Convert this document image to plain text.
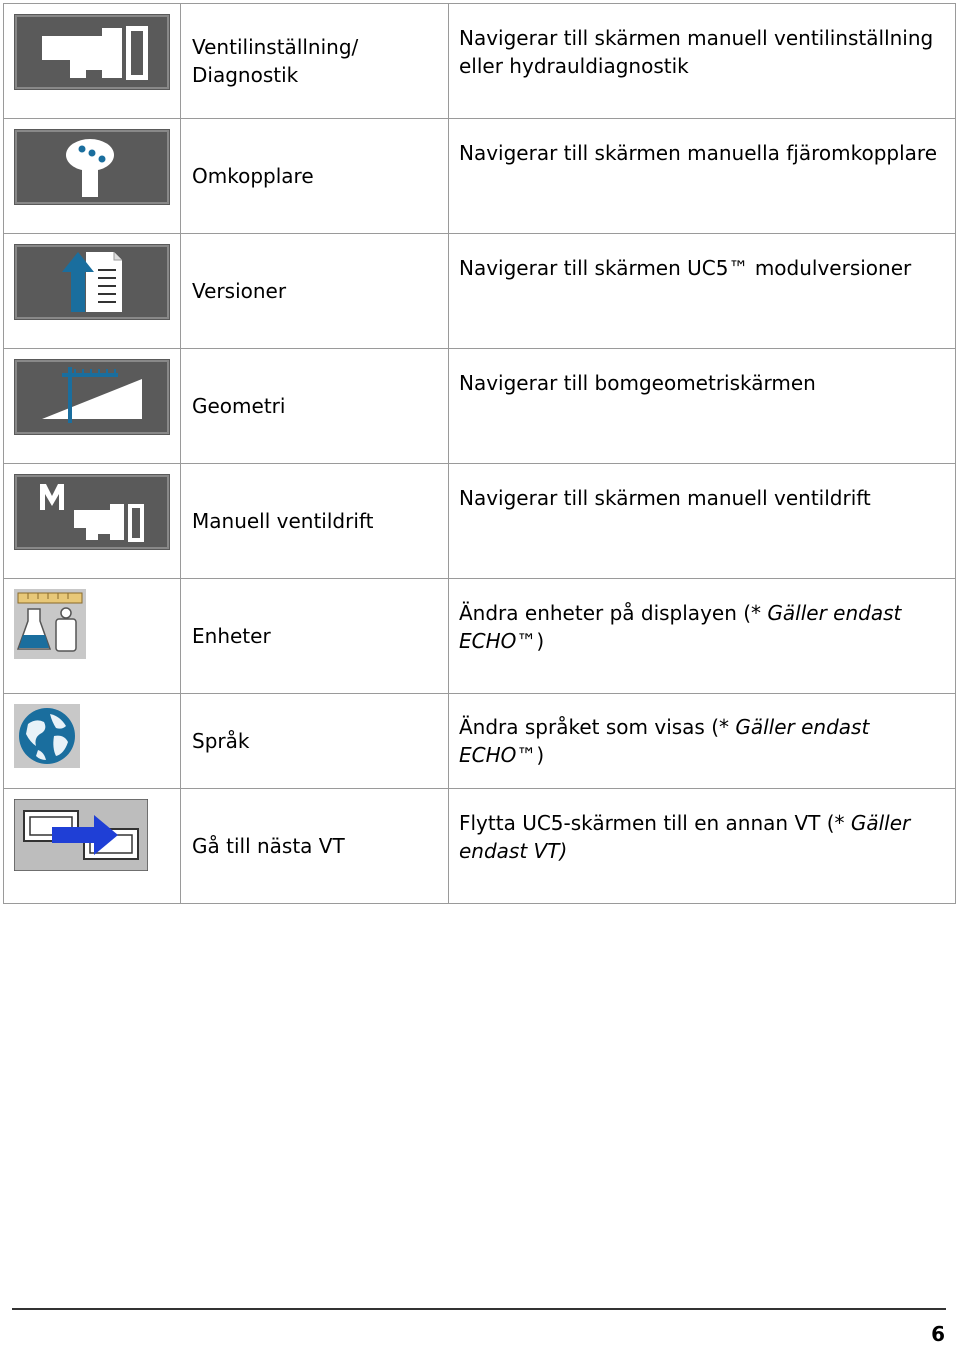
	Ventilinställning/ Diagnostik	Navigerar till skärmen manuell ventilinställning eller hydrauldiagnostik

	Omkopplare	Navigerar till skärmen manuella fjäromkopplare

	Versioner	Navigerar till skärmen UC5™ modulversioner

	Geometri	Navigerar till bomgeometriskärmen

	Manuell ventildrift	Navigerar till skärmen manuell ventildrift

	Enheter	Ändra enheter på displayen (* Gäller endast ECHO™)

	Språk	Ändra språket som visas (* Gäller endast ECHO™)

	Gå till nästa VT	Flytta UC5-skärmen till en annan VT (* Gäller endast VT)
6
